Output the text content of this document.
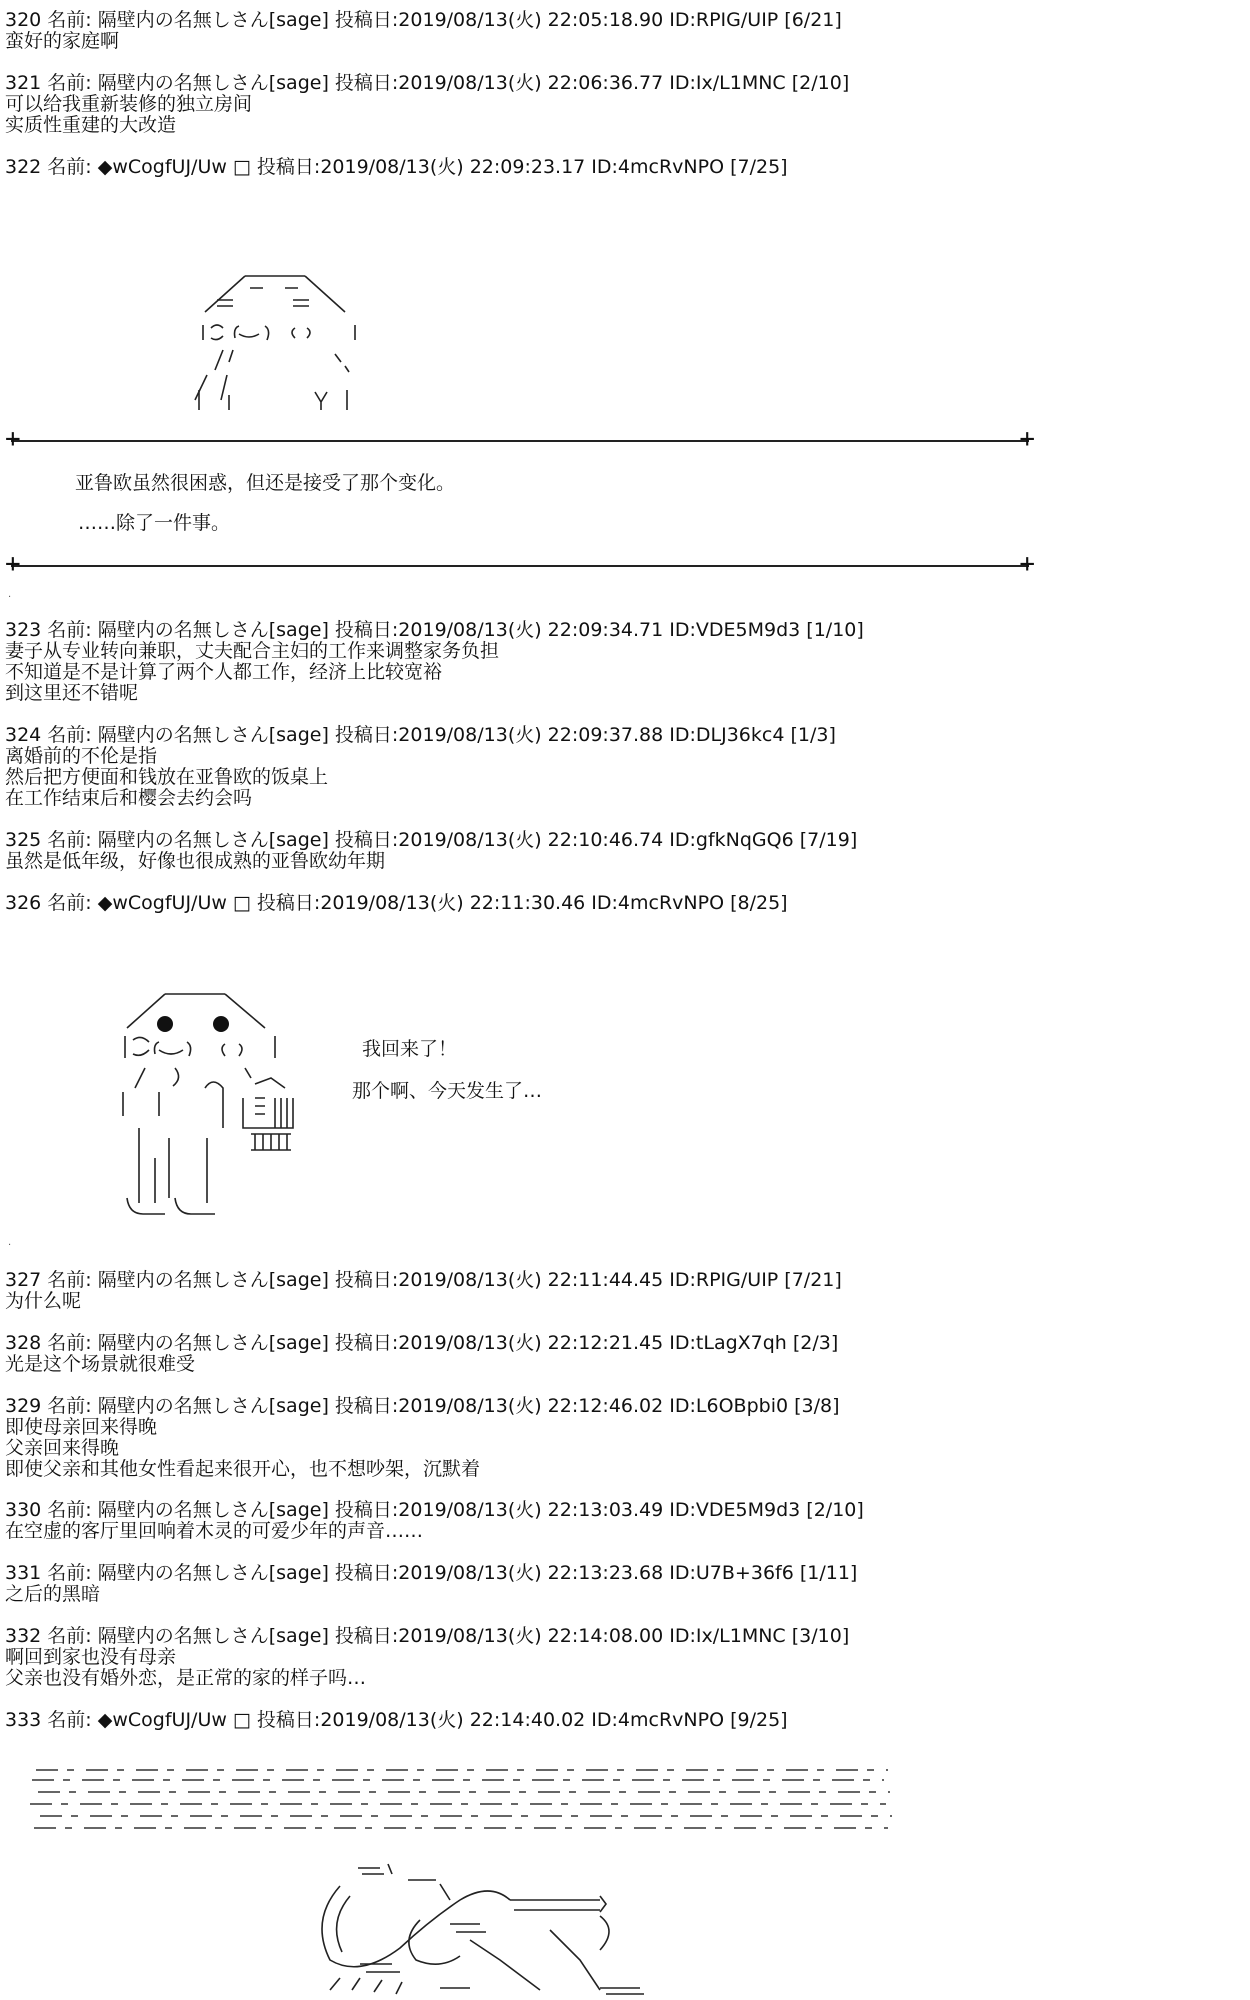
320 名前: 隔壁内の名無しさん[sage] 投稿日:2019/08/13(火) 22:05:18.90 ID:RPIG/UIP [6/21]
蛮好的家庭啊
321 名前: 隔壁内の名無しさん[sage] 投稿日:2019/08/13(火) 22:06:36.77 ID:Ix/L1MNC [2/10]
可以给我重新装修的独立房间
实质性重建的大改造
322 名前: ◆wCogfUJ/Uw □ 投稿日:2019/08/13(火) 22:09:23.17 ID:4mcRvNPO [7/25]
+	+
亚鲁欧虽然很困惑，但还是接受了那个变化。
……除了一件事。
+	+
.
323 名前: 隔壁内の名無しさん[sage] 投稿日:2019/08/13(火) 22:09:34.71 ID:VDE5M9d3 [1/10]
妻子从专业转向兼职，丈夫配合主妇的工作来调整家务负担
不知道是不是计算了两个人都工作，经济上比较宽裕
到这里还不错呢
324 名前: 隔壁内の名無しさん[sage] 投稿日:2019/08/13(火) 22:09:37.88 ID:DLJ36kc4 [1/3]
离婚前的不伦是指
然后把方便面和钱放在亚鲁欧的饭桌上
在工作结束后和樱会去约会吗
325 名前: 隔壁内の名無しさん[sage] 投稿日:2019/08/13(火) 22:10:46.74 ID:gfkNqGQ6 [7/19]
虽然是低年级，好像也很成熟的亚鲁欧幼年期
326 名前: ◆wCogfUJ/Uw □ 投稿日:2019/08/13(火) 22:11:30.46 ID:4mcRvNPO [8/25]
我回来了！
那个啊、今天发生了…
.
327 名前: 隔壁内の名無しさん[sage] 投稿日:2019/08/13(火) 22:11:44.45 ID:RPIG/UIP [7/21]
为什么呢
328 名前: 隔壁内の名無しさん[sage] 投稿日:2019/08/13(火) 22:12:21.45 ID:tLagX7qh [2/3]
光是这个场景就很难受
329 名前: 隔壁内の名無しさん[sage] 投稿日:2019/08/13(火) 22:12:46.02 ID:L6OBpbi0 [3/8]
即使母亲回来得晚
父亲回来得晚
即使父亲和其他女性看起来很开心，也不想吵架，沉默着
330 名前: 隔壁内の名無しさん[sage] 投稿日:2019/08/13(火) 22:13:03.49 ID:VDE5M9d3 [2/10]
在空虚的客厅里回响着木灵的可爱少年的声音……
331 名前: 隔壁内の名無しさん[sage] 投稿日:2019/08/13(火) 22:13:23.68 ID:U7B+36f6 [1/11]
之后的黑暗
332 名前: 隔壁内の名無しさん[sage] 投稿日:2019/08/13(火) 22:14:08.00 ID:Ix/L1MNC [3/10]
啊回到家也没有母亲
父亲也没有婚外恋，是正常的家的样子吗…
333 名前: ◆wCogfUJ/Uw □ 投稿日:2019/08/13(火) 22:14:40.02 ID:4mcRvNPO [9/25]
